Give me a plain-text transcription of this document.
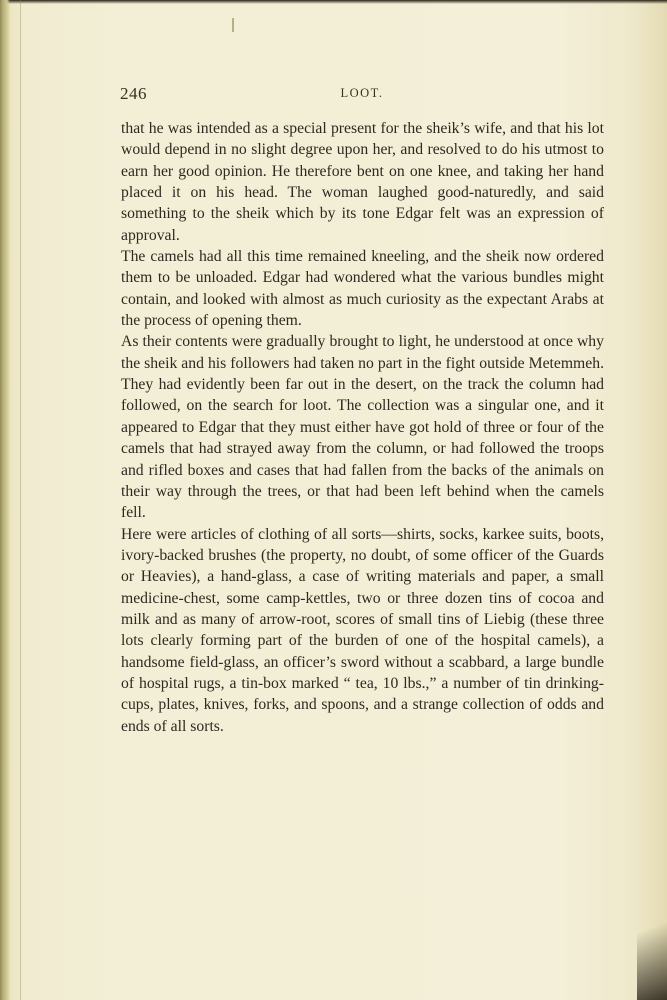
246	LOOT.

that he was intended as a special present for the sheik’s wife, and that his lot would depend in no slight degree upon her, and resolved to do his utmost to earn her good opinion. He therefore bent on one knee, and taking her hand placed it on his head. The woman laughed good-naturedly, and said something to the sheik which by its tone Edgar felt was an expression of approval.

The camels had all this time remained kneeling, and the sheik now ordered them to be unloaded. Edgar had wondered what the various bundles might contain, and looked with almost as much curiosity as the expectant Arabs at the process of opening them.

As their contents were gradually brought to light, he understood at once why the sheik and his followers had taken no part in the fight outside Metemmeh. They had evidently been far out in the desert, on the track the column had followed, on the search for loot. The collection was a singular one, and it appeared to Edgar that they must either have got hold of three or four of the camels that had strayed away from the column, or had followed the troops and rifled boxes and cases that had fallen from the backs of the animals on their way through the trees, or that had been left behind when the camels fell.

Here were articles of clothing of all sorts—shirts, socks, karkee suits, boots, ivory-backed brushes (the property, no doubt, of some officer of the Guards or Heavies), a hand-glass, a case of writing materials and paper, a small medicine-chest, some camp-kettles, two or three dozen tins of cocoa and milk and as many of arrow-root, scores of small tins of Liebig (these three lots clearly forming part of the burden of one of the hospital camels), a handsome field-glass, an officer’s sword without a scabbard, a large bundle of hospital rugs, a tin-box marked “ tea, 10 lbs.,” a number of tin drinking-cups, plates, knives, forks, and spoons, and a strange collection of odds and ends of all sorts.
